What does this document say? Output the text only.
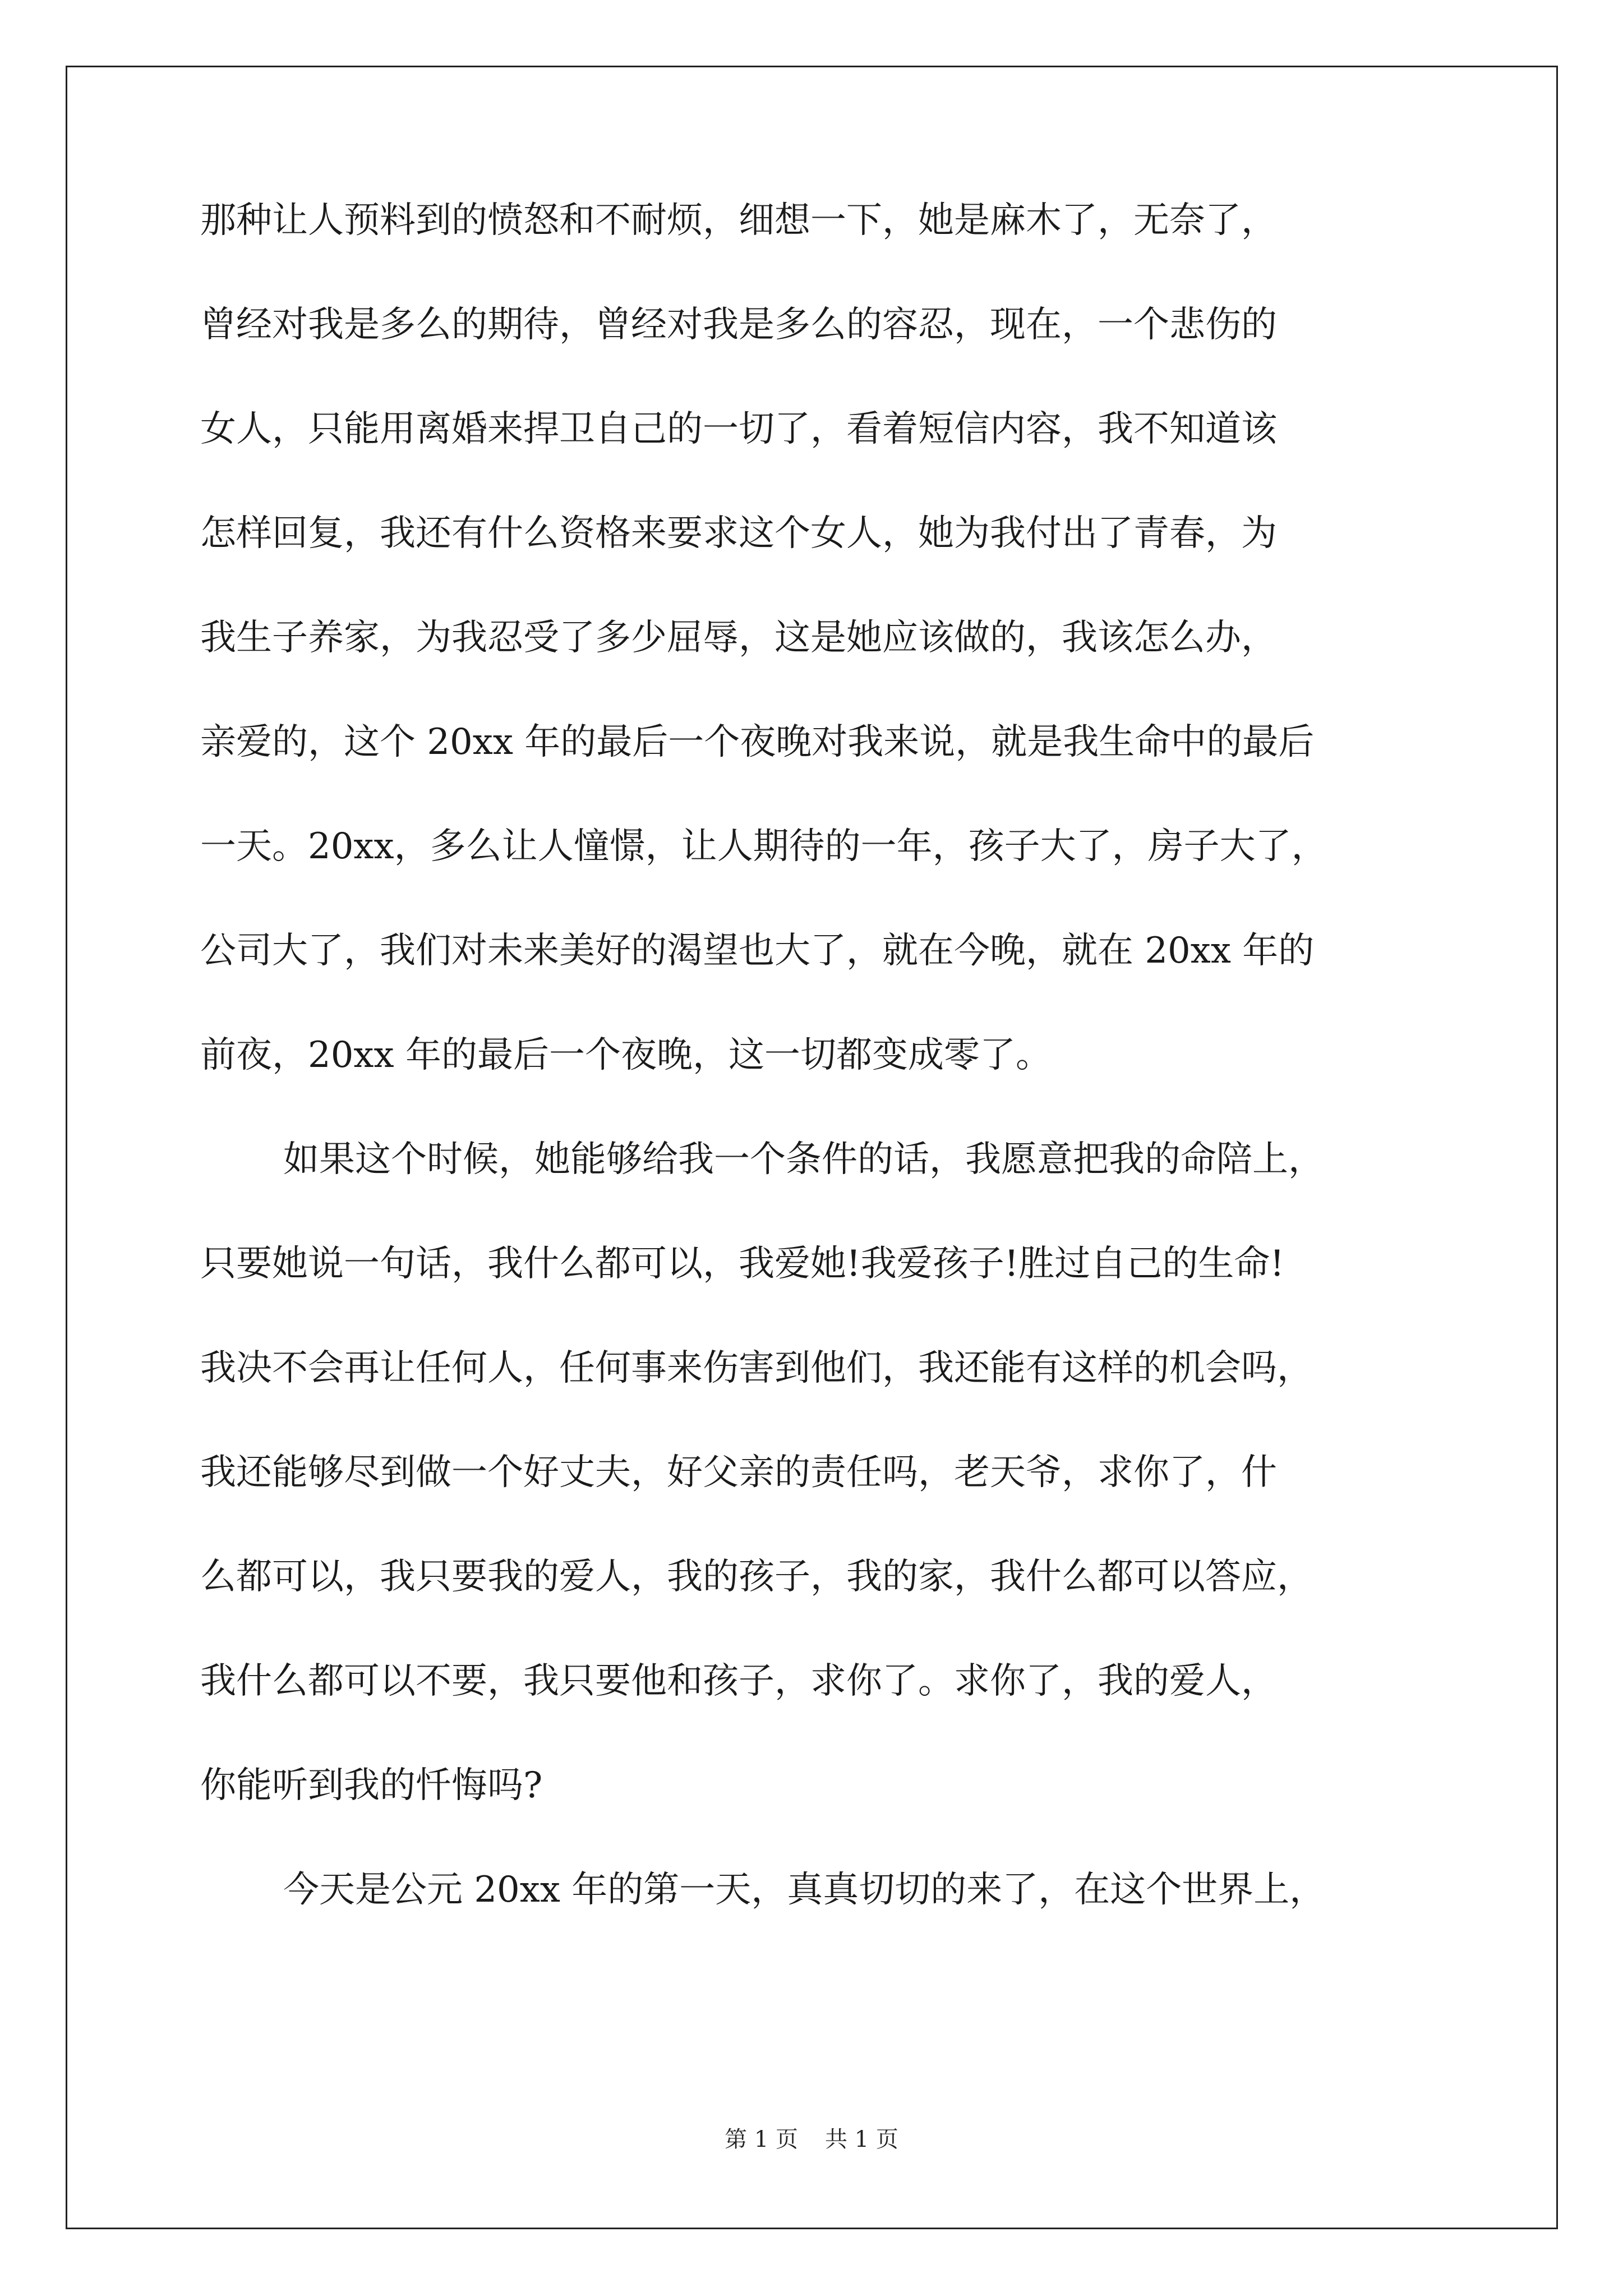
那种让人预料到的愤怒和不耐烦，细想一下，她是麻木了，无奈了，
曾经对我是多么的期待，曾经对我是多么的容忍，现在，一个悲伤的
女人，只能用离婚来捍卫自己的一切了，看着短信内容，我不知道该
怎样回复，我还有什么资格来要求这个女人，她为我付出了青春，为
我生子养家，为我忍受了多少屈辱，这是她应该做的，我该怎么办，
亲爱的，这个 20xx 年的最后一个夜晚对我来说，就是我生命中的最后
一天。20xx，多么让人憧憬，让人期待的一年，孩子大了，房子大了，
公司大了，我们对未来美好的渴望也大了，就在今晚，就在 20xx 年的
前夜，20xx 年的最后一个夜晚，这一切都变成零了。
如果这个时候，她能够给我一个条件的话，我愿意把我的命陪上，
只要她说一句话，我什么都可以，我爱她!我爱孩子!胜过自己的生命!
我决不会再让任何人，任何事来伤害到他们，我还能有这样的机会吗，
我还能够尽到做一个好丈夫，好父亲的责任吗，老天爷，求你了，什
么都可以，我只要我的爱人，我的孩子，我的家，我什么都可以答应，
我什么都可以不要，我只要他和孩子，求你了。求你了，我的爱人，
你能听到我的忏悔吗?
今天是公元 20xx 年的第一天，真真切切的来了，在这个世界上，
第 1 页 共 1 页
